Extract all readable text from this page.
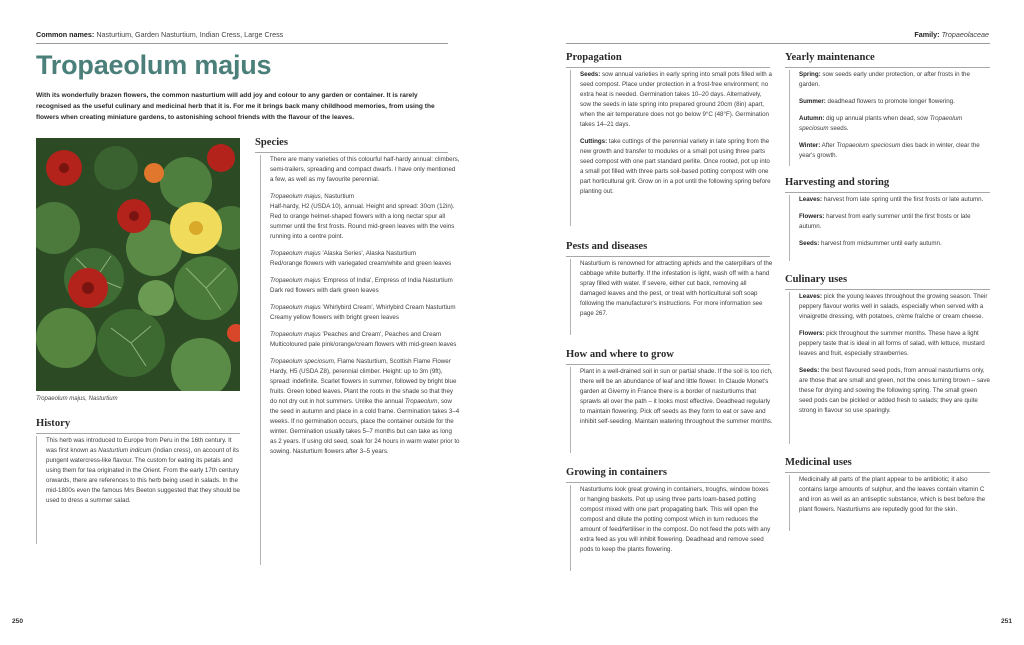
Common names: Nasturtium, Garden Nasturtium, Indian Cress, Large Cress	Family: Tropaeolaceae
Tropaeolum majus
With its wonderfully brazen flowers, the common nasturtium will add joy and colour to any garden or container. It is rarely recognised as the useful culinary and medicinal herb that it is. For me it brings back many childhood memories, from using the flowers when creating miniature gardens, to astonishing school friends with the flavour of the leaves.
Tropaeolum majus, Nasturtium
History

This herb was introduced to Europe from Peru in the 16th century. It was first known as Nasturtium indicum (Indian cress), on account of its pungent watercress-like flavour. The custom for eating its petals and using them for tea originated in the Orient. From the early 17th century onwards, there are references to this herb being used in salads. In the mid-1800s even the famous Mrs Beeton suggested that they should be used to dress a summer salad.

Species

There are many varieties of this colourful half-hardy annual: climbers, semi-trailers, spreading and compact dwarfs. I have only mentioned a few, as well as my favourite perennial.

Tropaeolum majus, Nasturtium
Half-hardy, H2 (USDA 10), annual. Height and spread: 30cm (12in). Red to orange helmet-shaped flowers with a long nectar spur all summer until the first frosts. Round mid-green leaves with the veins running into a centre point.

Tropaeolum majus 'Alaska Series', Alaska Nasturtium
Red/orange flowers with variegated cream/white and green leaves

Tropaeolum majus 'Empress of India', Empress of India Nasturtium
Dark red flowers with dark green leaves

Tropaeolum majus 'Whirlybird Cream', Whirlybird Cream Nasturtium
Creamy yellow flowers with bright green leaves

Tropaeolum majus 'Peaches and Cream', Peaches and Cream
Multicoloured pale pink/orange/cream flowers with mid-green leaves

Tropaeolum speciosum, Flame Nasturtium, Scottish Flame Flower
Hardy, H5 (USDA Z8), perennial climber. Height: up to 3m (9ft), spread: indefinite. Scarlet flowers in summer, followed by bright blue fruits. Green lobed leaves. Plant the roots in the shade so that they do not dry out in hot summers. Unlike the annual Tropaeolum, sow the seed in autumn and place in a cold frame. Germination takes 3–4 weeks. If no germination occurs, place the container outside for the winter. Germination usually takes 5–7 months but can take as long as 2 years. If using old seed, soak for 24 hours in warm water prior to sowing. Nasturtium flowers after 3–5 years.

Propagation

Seeds: sow annual varieties in early spring into small pots filled with a seed compost. Place under protection in a frost-free environment; no extra heat is needed. Germination takes 10–20 days. Alternatively, sow the seeds in late spring into prepared ground 20cm (8in) apart, when the air temperature does not go below 9°C (48°F). Germination takes 14–21 days.

Cuttings: take cuttings of the perennial variety in late spring from the new growth and transfer to modules or a small pot using three parts seed compost with one part standard perlite. Once rooted, pot up into a small pot filled with three parts soil-based potting compost with one part horticultural grit. Grow on in a pot until the following spring before planting out.

Pests and diseases

Nasturtium is renowned for attracting aphids and the caterpillars of the cabbage white butterfly. If the infestation is light, wash off with a hand spray filled with water. If severe, either cut back, removing all damaged leaves and the pest, or treat with horticultural soft soap following the manufacturer's instructions. For more information see page 267.

How and where to grow

Plant in a well-drained soil in sun or partial shade. If the soil is too rich, there will be an abundance of leaf and little flower. In Claude Monet's garden at Giverny in France there is a border of nasturtiums that sprawls all over the path – it looks most effective. Deadhead regularly to maintain flowering. Pick off seeds as they form to eat or save and inhibit self-seeding. Maintain watering throughout the summer months.

Growing in containers

Nasturtiums look great growing in containers, troughs, window boxes or hanging baskets. Pot up using three parts loam-based potting compost mixed with one part propagating bark. This will open the compost and dilute the potting compost which in turn reduces the amount of feed/fertiliser in the compost. Do not feed the pots with any extra feed as you will inhibit flowering. Deadhead and remove seed pods to keep the plants flowering.

Yearly maintenance

Spring: sow seeds early under protection, or after frosts in the garden.

Summer: deadhead flowers to promote longer flowering.

Autumn: dig up annual plants when dead, sow Tropaeolum speciosum seeds.

Winter: After Tropaeolum speciosum dies back in winter, clear the year's growth.

Harvesting and storing

Leaves: harvest from late spring until the first frosts or late autumn.

Flowers: harvest from early summer until the first frosts or late autumn.

Seeds: harvest from midsummer until early autumn.

Culinary uses

Leaves: pick the young leaves throughout the growing season. Their peppery flavour works well in salads, especially when served with a vinaigrette dressing, with potatoes, crème fraîche or cream cheese.

Flowers: pick throughout the summer months. These have a light peppery taste that is ideal in all forms of salad, with lettuce, mustard leaves and fruit, especially strawberries.

Seeds: the best flavoured seed pods, from annual nasturtiums only, are those that are small and green, not the ones turning brown – save these for drying and sowing the following spring. The small green seed pods can be pickled or added fresh to salads; they are quite strong in flavour so use sparingly.

Medicinal uses

Medicinally all parts of the plant appear to be antibiotic; it also contains large amounts of sulphur, and the leaves contain vitamin C and iron as well as an antiseptic substance, which is best before the plant flowers. Nasturtiums are reputedly good for the skin.

250	251
